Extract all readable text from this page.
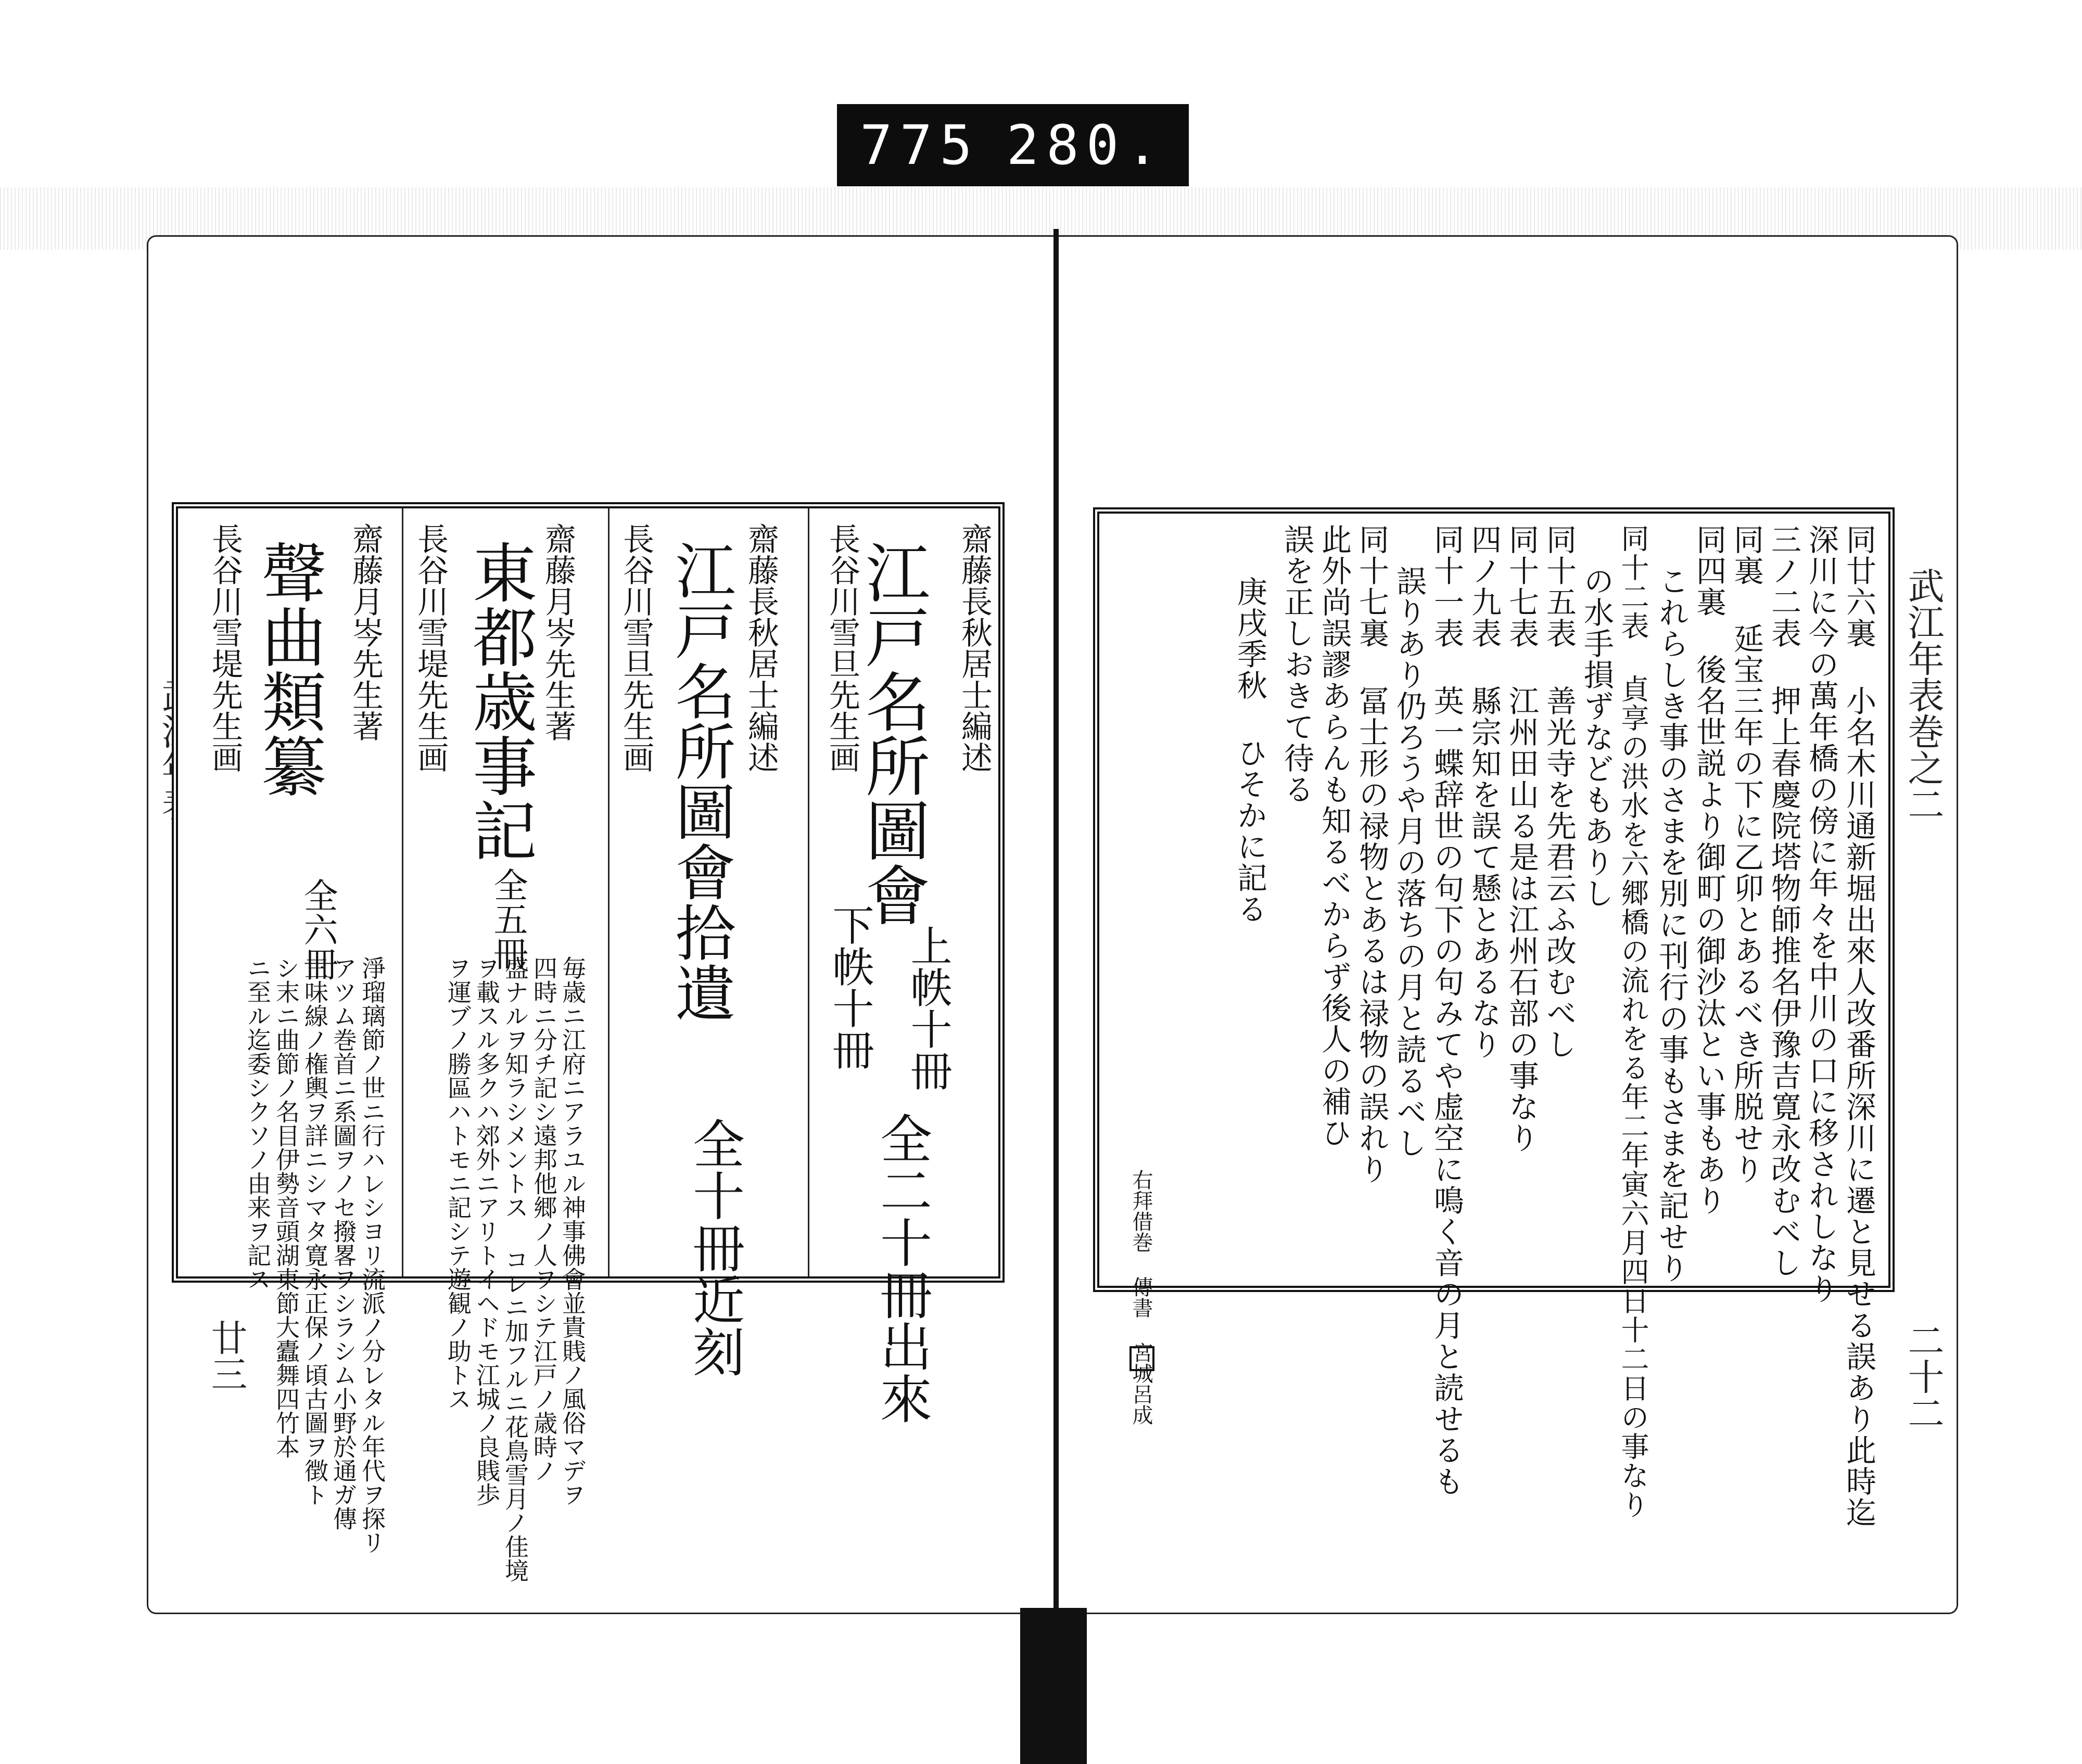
775 280.
廿三
武江年表巻之二
二十二
齋藤長秋居士編述
長谷川雪旦先生画
江戸名所圖會
上帙十冊
下帙十冊
全二十冊出來
齋藤長秋居士編述
長谷川雪旦先生画 江戸名所圖會拾遺
全十冊近刻
齋藤月岑先生著
長谷川雪堤先生画 東都歳事記
全五冊
毎歳ニ江府ニアラユル神事佛會並貴賎ノ風俗マデヲ
四時ニ分チ記シ遠邦他郷ノ人ヲシテ江戸ノ歳時ノ
盛ナルヲ知ラシメントス コレニ加フルニ花鳥雪月ノ佳境
ヲ載スル多クハ郊外ニアリトイヘドモ江城ノ良賎歩
ヲ運ブノ勝區ハトモニ記シテ遊観ノ助トス
齋藤月岑先生著
長谷川雪堤先生画 聲曲類纂
全六冊
淨瑠璃節ノ世ニ行ハレシヨリ流派ノ分レタル年代ヲ探リ
アツム巻首ニ系圖ヲノセ撥畧ヲシラシム小野於通ガ傳
三味線ノ権輿ヲ詳ニシマタ寛永正保ノ頃古圖ヲ徴ト
シ末ニ曲節ノ名目伊勢音頭湖東節大蠹舞四竹本
ニ至ル迄委シクソノ由来ヲ記ス	同廿六裏 小名木川通新堀出來人改番所深川に遷と見せる誤あり此時迄
深川に今の萬年橋の傍に年々を中川の口に移されしなり
三ノ二表 押上春慶院塔物師推名伊豫吉寛永改むべし
同裏 延宝三年の下に乙卯とあるべき所脱せり
同四裏 後名世説より御町の御沙汰とい事もあり
これらしき事のさまを別に刊行の事もさまを記せり
同十二表 貞享の洪水を六郷橋の流れをる年二年寅六月四日十二日の事なり
の水手損ずなどもありし
同十五表 善光寺を先君云ふ改むべし
同十七表 江州田山る是は江州石部の事なり
四ノ九表 縣宗知を誤て懸とあるなり
同十一表 英一蝶辞世の句下の句みてや虚空に鳴く音の月と読せるも
誤りあり仍ろうや月の落ちの月と読るべし
同十七裏 冨士形の禄物とあるは禄物の誤れり
此外尚誤謬あらんも知るべからず後人の補ひ
誤を正しおきて待る
庚戌季秋 ひそかに記る
右拜借巻 傳書 宮城呂成
